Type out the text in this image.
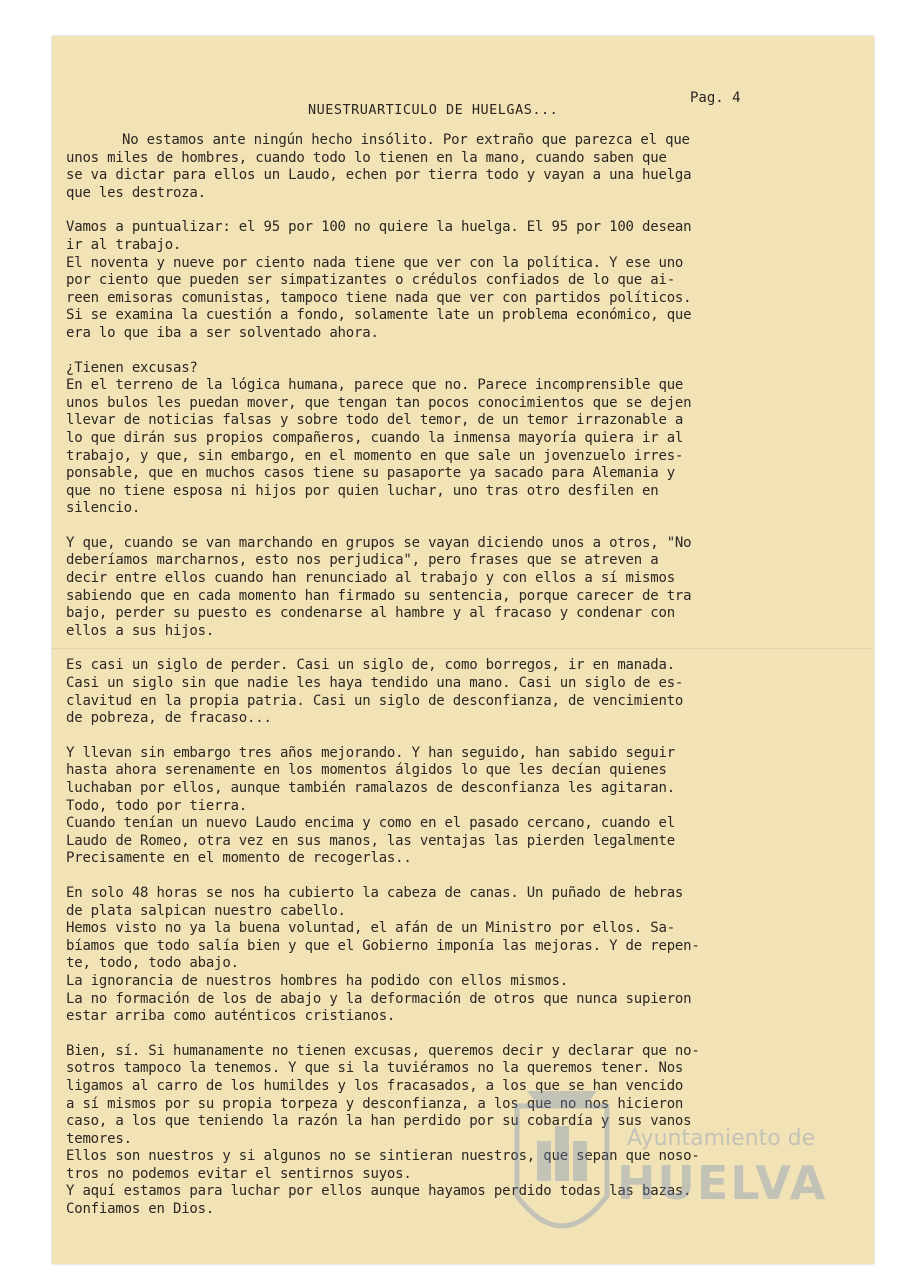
Pag. 4
NUESTRUARTICULO DE HUELGAS...

No estamos ante ningún hecho insólito. Por extraño que parezca el que
unos miles de hombres, cuando todo lo tienen en la mano, cuando saben que
se va dictar para ellos un Laudo, echen por tierra todo y vayan a una huelga
que les destroza.

Vamos a puntualizar: el 95 por 100 no quiere la huelga. El 95 por 100 desean
ir al trabajo.
El noventa y nueve por ciento nada tiene que ver con la política. Y ese uno
por ciento que pueden ser simpatizantes o crédulos confiados de lo que ai-
reen emisoras comunistas, tampoco tiene nada que ver con partidos políticos.
Si se examina la cuestión a fondo, solamente late un problema económico, que
era lo que iba a ser solventado ahora.

¿Tienen excusas?
En el terreno de la lógica humana, parece que no. Parece incomprensible que
unos bulos les puedan mover, que tengan tan pocos conocimientos que se dejen
llevar de noticias falsas y sobre todo del temor, de un temor irrazonable a
lo que dirán sus propios compañeros, cuando la inmensa mayoría quiera ir al
trabajo, y que, sin embargo, en el momento en que sale un jovenzuelo irres-
ponsable, que en muchos casos tiene su pasaporte ya sacado para Alemania y
que no tiene esposa ni hijos por quien luchar, uno tras otro desfilen en
silencio.

Y que, cuando se van marchando en grupos se vayan diciendo unos a otros, "No
deberíamos marcharnos, esto nos perjudica", pero frases que se atreven a
decir entre ellos cuando han renunciado al trabajo y con ellos a sí mismos
sabiendo que en cada momento han firmado su sentencia, porque carecer de tra
bajo, perder su puesto es condenarse al hambre y al fracaso y condenar con
ellos a sus hijos.

Es casi un siglo de perder. Casi un siglo de, como borregos, ir en manada.
Casi un siglo sin que nadie les haya tendido una mano. Casi un siglo de es-
clavitud en la propia patria. Casi un siglo de desconfianza, de vencimiento
de pobreza, de fracaso...

Y llevan sin embargo tres años mejorando. Y han seguido, han sabido seguir
hasta ahora serenamente en los momentos álgidos lo que les decían quienes
luchaban por ellos, aunque también ramalazos de desconfianza les agitaran.
Todo, todo por tierra.
Cuando tenían un nuevo Laudo encima y como en el pasado cercano, cuando el
Laudo de Romeo, otra vez en sus manos, las ventajas las pierden legalmente
Precisamente en el momento de recogerlas..

En solo 48 horas se nos ha cubierto la cabeza de canas. Un puñado de hebras
de plata salpican nuestro cabello.
Hemos visto no ya la buena voluntad, el afán de un Ministro por ellos. Sa-
bíamos que todo salía bien y que el Gobierno imponía las mejoras. Y de repen-
te, todo, todo abajo.
La ignorancia de nuestros hombres ha podido con ellos mismos.
La no formación de los de abajo y la deformación de otros que nunca supieron
estar arriba como auténticos cristianos.

Bien, sí. Si humanamente no tienen excusas, queremos decir y declarar que no-
sotros tampoco la tenemos. Y que si la tuviéramos no la queremos tener. Nos
ligamos al carro de los humildes y los fracasados, a los que se han vencido
a sí mismos por su propia torpeza y desconfianza, a los que no nos hicieron
caso, a los que teniendo la razón la han perdido por su cobardía y sus vanos
temores.
Ellos son nuestros y si algunos no se sintieran nuestros, que sepan que noso-
tros no podemos evitar el sentirnos suyos.
Y aquí estamos para luchar por ellos aunque hayamos perdido todas las bazas.
Confiamos en Dios.

Ayuntamiento de
HUELVA
